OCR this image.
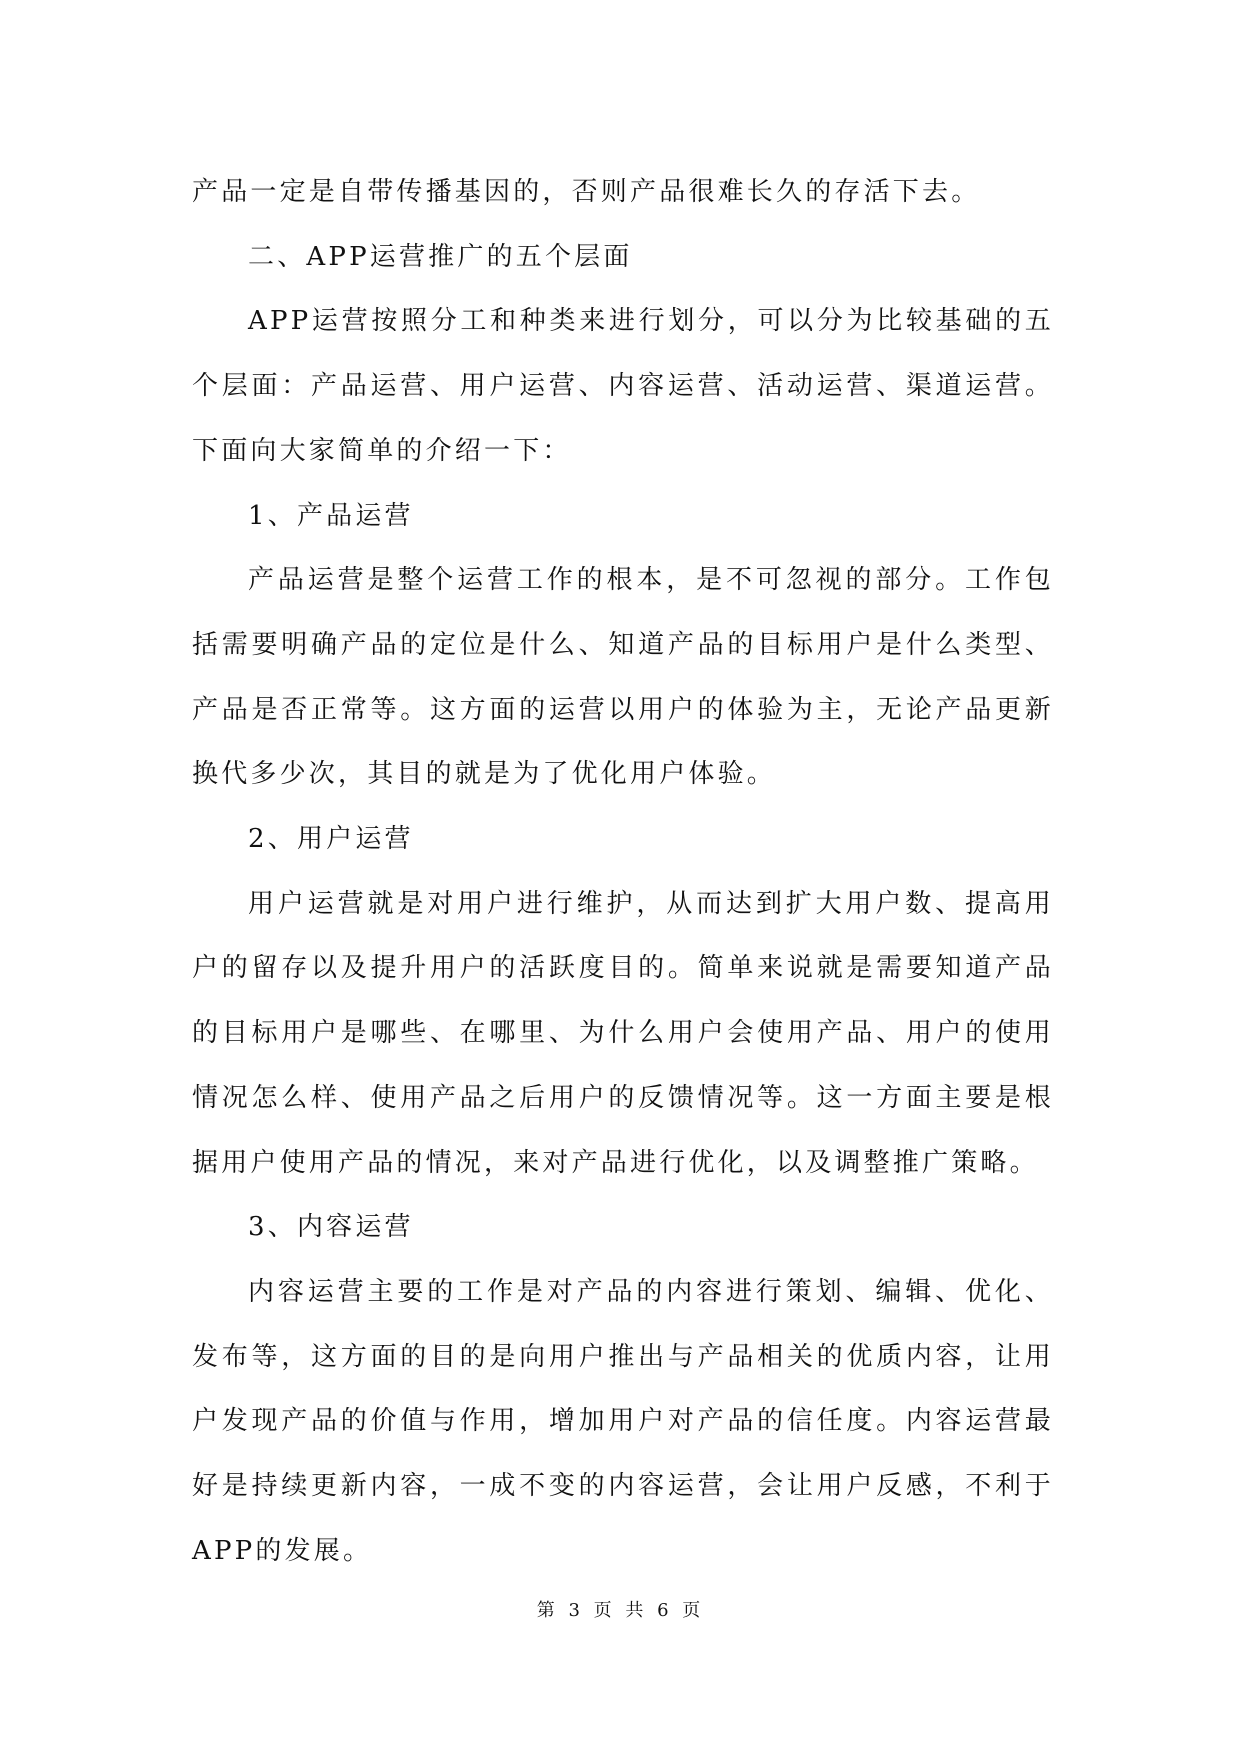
产品一定是自带传播基因的，否则产品很难长久的存活下去。

二、APP运营推广的五个层面

APP运营按照分工和种类来进行划分，可以分为比较基础的五个层面：产品运营、用户运营、内容运营、活动运营、渠道运营。下面向大家简单的介绍一下：

1、产品运营

产品运营是整个运营工作的根本，是不可忽视的部分。工作包括需要明确产品的定位是什么、知道产品的目标用户是什么类型、产品是否正常等。这方面的运营以用户的体验为主，无论产品更新换代多少次，其目的就是为了优化用户体验。

2、用户运营

用户运营就是对用户进行维护，从而达到扩大用户数、提高用户的留存以及提升用户的活跃度目的。简单来说就是需要知道产品的目标用户是哪些、在哪里、为什么用户会使用产品、用户的使用情况怎么样、使用产品之后用户的反馈情况等。这一方面主要是根据用户使用产品的情况，来对产品进行优化，以及调整推广策略。

3、内容运营

内容运营主要的工作是对产品的内容进行策划、编辑、优化、发布等，这方面的目的是向用户推出与产品相关的优质内容，让用户发现产品的价值与作用，增加用户对产品的信任度。内容运营最好是持续更新内容，一成不变的内容运营，会让用户反感，不利于APP的发展。

第 3 页 共 6 页
